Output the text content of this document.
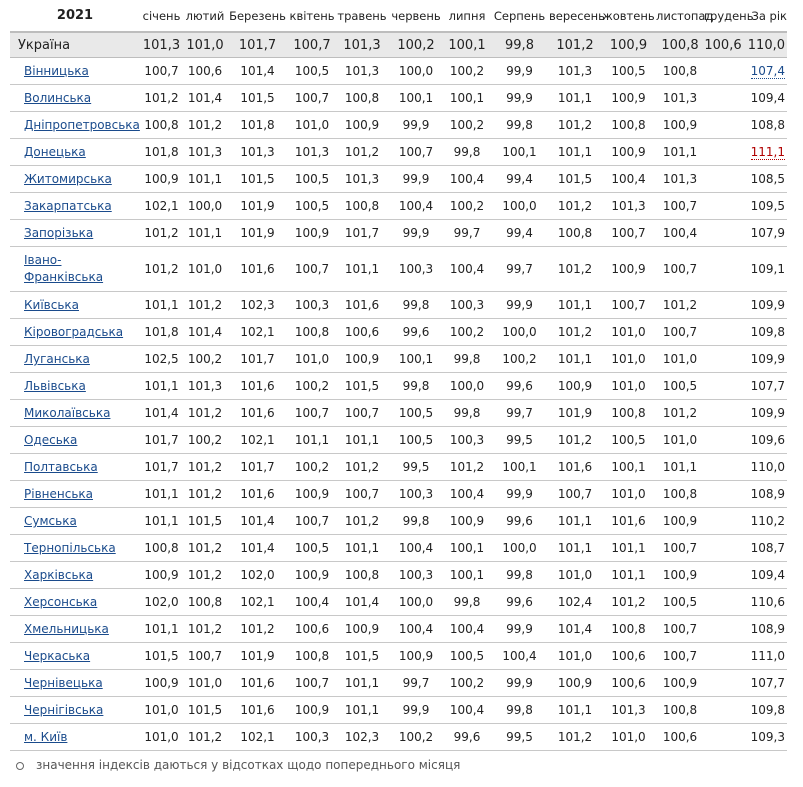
2021	січень	лютий	Березень	квітень	травень	червень	липня	Серпень	вересень	жовтень	листопад	грудень	За рік
Україна	101,3	101,0	101,7	100,7	101,3	100,2	100,1	99,8	101,2	100,9	100,8	100,6	110,0
Вінницька	100,7	100,6	101,4	100,5	101,3	100,0	100,2	99,9	101,3	100,5	100,8		107,4
Волинська	101,2	101,4	101,5	100,7	100,8	100,1	100,1	99,9	101,1	100,9	101,3		109,4
Дніпропетровська	100,8	101,2	101,8	101,0	100,9	99,9	100,2	99,8	101,2	100,8	100,9		108,8
Донецька	101,8	101,3	101,3	101,3	101,2	100,7	99,8	100,1	101,1	100,9	101,1		111,1
Житомирська	100,9	101,1	101,5	100,5	101,3	99,9	100,4	99,4	101,5	100,4	101,3		108,5
Закарпатська	102,1	100,0	101,9	100,5	100,8	100,4	100,2	100,0	101,2	101,3	100,7		109,5
Запорізька	101,2	101,1	101,9	100,9	101,7	99,9	99,7	99,4	100,8	100,7	100,4		107,9
Івано-Франківська	101,2	101,0	101,6	100,7	101,1	100,3	100,4	99,7	101,2	100,9	100,7		109,1
Київська	101,1	101,2	102,3	100,3	101,6	99,8	100,3	99,9	101,1	100,7	101,2		109,9
Кіровоградська	101,8	101,4	102,1	100,8	100,6	99,6	100,2	100,0	101,2	101,0	100,7		109,8
Луганська	102,5	100,2	101,7	101,0	100,9	100,1	99,8	100,2	101,1	101,0	101,0		109,9
Львівська	101,1	101,3	101,6	100,2	101,5	99,8	100,0	99,6	100,9	101,0	100,5		107,7
Миколаївська	101,4	101,2	101,6	100,7	100,7	100,5	99,8	99,7	101,9	100,8	101,2		109,9
Одеська	101,7	100,2	102,1	101,1	101,1	100,5	100,3	99,5	101,2	100,5	101,0		109,6
Полтавська	101,7	101,2	101,7	100,2	101,2	99,5	101,2	100,1	101,6	100,1	101,1		110,0
Рівненська	101,1	101,2	101,6	100,9	100,7	100,3	100,4	99,9	100,7	101,0	100,8		108,9
Сумська	101,1	101,5	101,4	100,7	101,2	99,8	100,9	99,6	101,1	101,6	100,9		110,2
Тернопільська	100,8	101,2	101,4	100,5	101,1	100,4	100,1	100,0	101,1	101,1	100,7		108,7
Харківська	100,9	101,2	102,0	100,9	100,8	100,3	100,1	99,8	101,0	101,1	100,9		109,4
Херсонська	102,0	100,8	102,1	100,4	101,4	100,0	99,8	99,6	102,4	101,2	100,5		110,6
Хмельницька	101,1	101,2	101,2	100,6	100,9	100,4	100,4	99,9	101,4	100,8	100,7		108,9
Черкаська	101,5	100,7	101,9	100,8	101,5	100,9	100,5	100,4	101,0	100,6	100,7		111,0
Чернівецька	100,9	101,0	101,6	100,7	101,1	99,7	100,2	99,9	100,9	100,6	100,9		107,7
Чернігівська	101,0	101,5	101,6	100,9	101,1	99,9	100,4	99,8	101,1	101,3	100,8		109,8
м. Київ	101,0	101,2	102,1	100,3	102,3	100,2	99,6	99,5	101,2	101,0	100,6		109,3
значення індексів даються у відсотках щодо попереднього місяця
